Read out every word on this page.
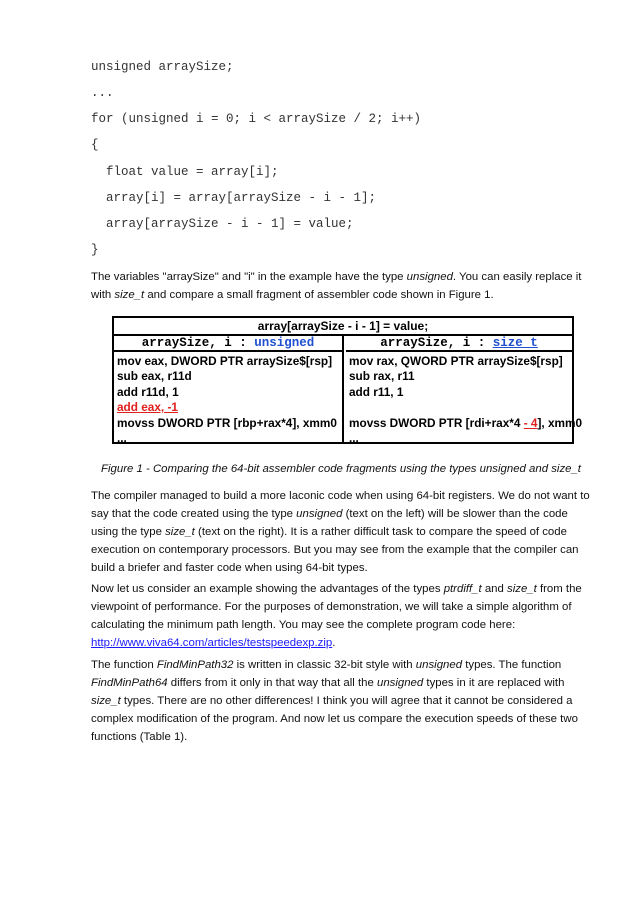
unsigned arraySize;
...
for (unsigned i = 0; i < arraySize / 2; i++)
{
float value = array[i];
array[i] = array[arraySize - i - 1];
array[arraySize - i - 1] = value;
}

The variables "arraySize" and "i" in the example have the type unsigned. You can easily replace it with size_t and compare a small fragment of assembler code shown in Figure 1.

array[arraySize - i - 1] = value;
arraySize, i : unsigned
mov eax, DWORD PTR arraySize$[rsp]
sub eax, r11d
add r11d, 1
add eax, -1
movss DWORD PTR [rbp+rax*4], xmm0
...
arraySize, i : size_t
mov rax, QWORD PTR arraySize$[rsp]
sub rax, r11
add r11, 1

movss DWORD PTR [rdi+rax*4 - 4], xmm0
...

Figure 1 - Comparing the 64-bit assembler code fragments using the types unsigned and size_t

The compiler managed to build a more laconic code when using 64-bit registers. We do not want to say that the code created using the type unsigned (text on the left) will be slower than the code using the type size_t (text on the right). It is a rather difficult task to compare the speed of code execution on contemporary processors. But you may see from the example that the compiler can build a briefer and faster code when using 64-bit types.

Now let us consider an example showing the advantages of the types ptrdiff_t and size_t from the viewpoint of performance. For the purposes of demonstration, we will take a simple algorithm of calculating the minimum path length. You may see the complete program code here: http://www.viva64.com/articles/testspeedexp.zip.

The function FindMinPath32 is written in classic 32-bit style with unsigned types. The function FindMinPath64 differs from it only in that way that all the unsigned types in it are replaced with size_t types. There are no other differences! I think you will agree that it cannot be considered a complex modification of the program. And now let us compare the execution speeds of these two functions (Table 1).
